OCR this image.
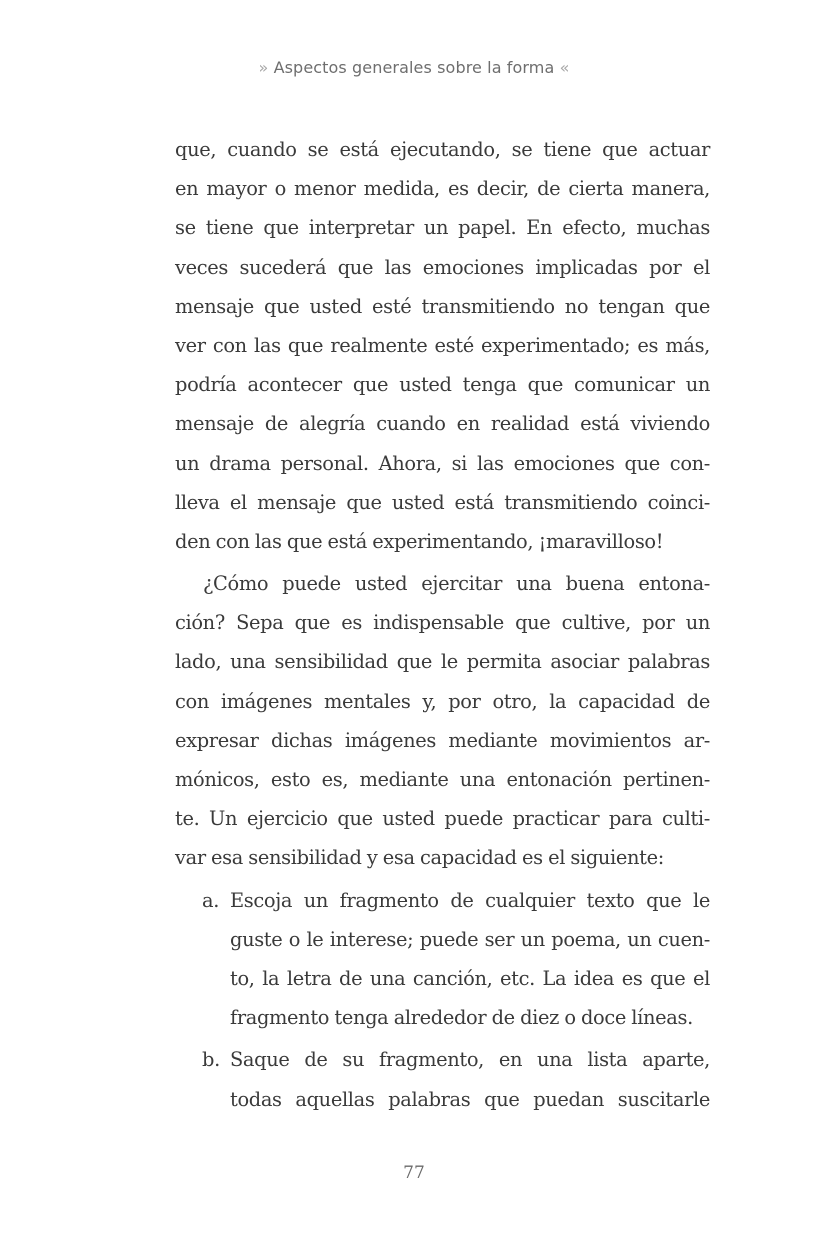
» Aspectos generales sobre la forma «
que, cuando se está ejecutando, se tiene que actuar
en mayor o menor medida, es decir, de cierta manera,
se tiene que interpretar un papel. En efecto, muchas
veces sucederá que las emociones implicadas por el
mensaje que usted esté transmitiendo no tengan que
ver con las que realmente esté experimentado; es más,
podría acontecer que usted tenga que comunicar un
mensaje de alegría cuando en realidad está viviendo
un drama personal. Ahora, si las emociones que con-
lleva el mensaje que usted está transmitiendo coinci-
den con las que está experimentando, ¡maravilloso!
¿Cómo puede usted ejercitar una buena entona-
ción? Sepa que es indispensable que cultive, por un
lado, una sensibilidad que le permita asociar palabras
con imágenes mentales y, por otro, la capacidad de
expresar dichas imágenes mediante movimientos ar-
mónicos, esto es, mediante una entonación pertinen-
te. Un ejercicio que usted puede practicar para culti-
var esa sensibilidad y esa capacidad es el siguiente:
a. Escoja un fragmento de cualquier texto que le
guste o le interese; puede ser un poema, un cuen-
to, la letra de una canción, etc. La idea es que el
fragmento tenga alrededor de diez o doce líneas.
b. Saque de su fragmento, en una lista aparte,
todas aquellas palabras que puedan suscitarle
77
